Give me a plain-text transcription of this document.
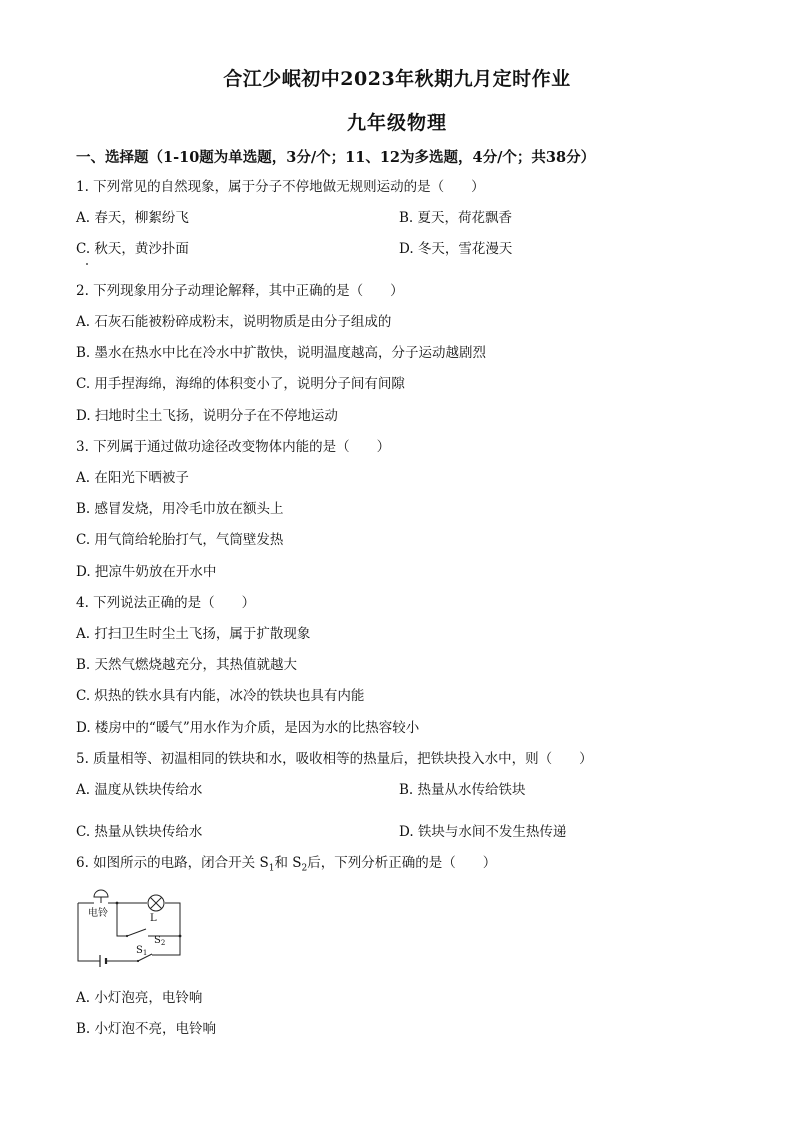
合江少岷初中2023年秋期九月定时作业
九年级物理
一、选择题（1-10题为单选题，3分/个；11、12为多选题，4分/个；共38分）
1. 下列常见的自然现象，属于分子不停地做无规则运动的是（　　）
A. 春天，柳絮纷飞	B. 夏天，荷花飘香
C. 秋天，黄沙扑面	D. 冬天，雪花漫天
2. 下列现象用分子动理论解释，其中正确的是（　　）
A. 石灰石能被粉碎成粉末，说明物质是由分子组成的
B. 墨水在热水中比在冷水中扩散快，说明温度越高，分子运动越剧烈
C. 用手捏海绵，海绵的体积变小了，说明分子间有间隙
D. 扫地时尘土飞扬，说明分子在不停地运动
3. 下列属于通过做功途径改变物体内能的是（　　）
A. 在阳光下晒被子
B. 感冒发烧，用冷毛巾放在额头上
C. 用气筒给轮胎打气，气筒壁发热
D. 把凉牛奶放在开水中
4. 下列说法正确的是（　　）
A. 打扫卫生时尘土飞扬，属于扩散现象
B. 天然气燃烧越充分，其热值就越大
C. 炽热的铁水具有内能，冰冷的铁块也具有内能
D. 楼房中的“暖气”用水作为介质，是因为水的比热容较小
5. 质量相等、初温相同的铁块和水，吸收相等的热量后，把铁块投入水中，则（　　）
A. 温度从铁块传给水	B. 热量从水传给铁块
C. 热量从铁块传给水	D. 铁块与水间不发生热传递
6. 如图所示的电路，闭合开关 $S_1$和 $S_2$后，下列分析正确的是（　　）
电铃	L
$S_2$
$S_1$
A. 小灯泡亮，电铃响
B. 小灯泡不亮，电铃响
